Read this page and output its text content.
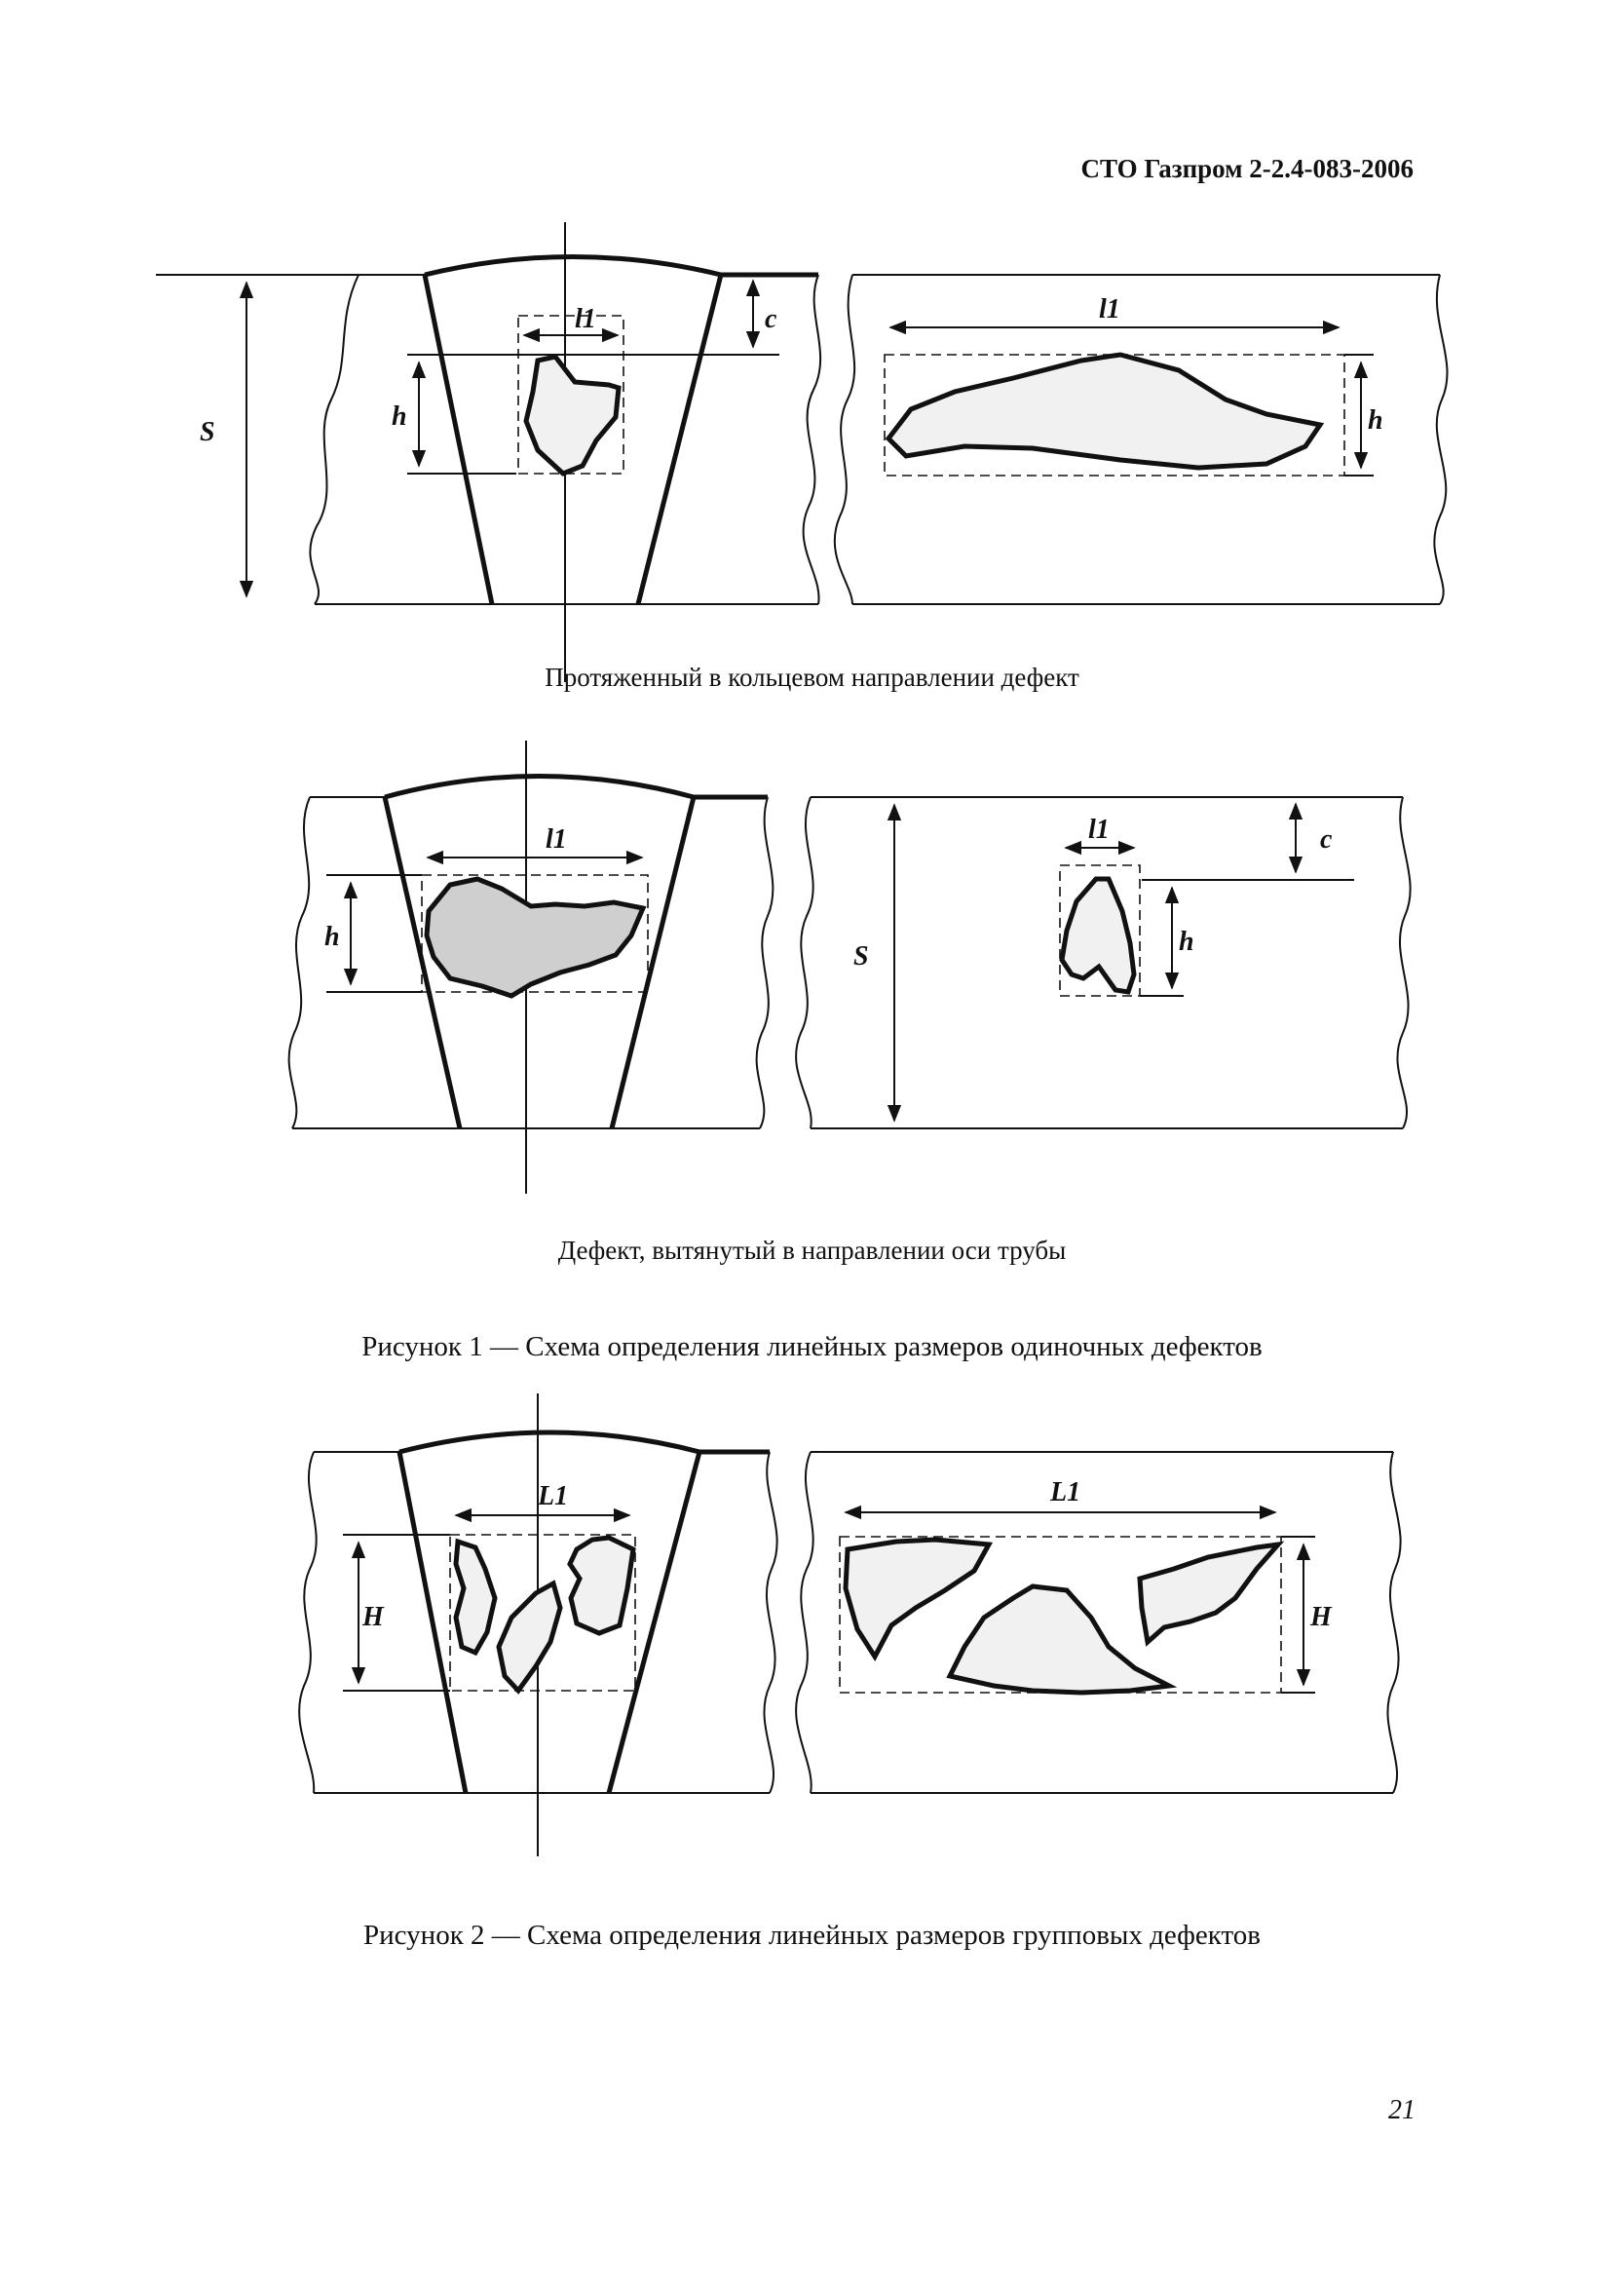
СТО Газпром 2-2.4-083-2006
S
c
h
l1	l1
h
l1
h
S
c
l1
h
L1
H
L1
H
Протяженный в кольцевом направлении дефект
Дефект, вытянутый в направлении оси трубы
Рисунок 1 — Схема определения линейных размеров одиночных дефектов
Рисунок 2 — Схема определения линейных размеров групповых дефектов
21
